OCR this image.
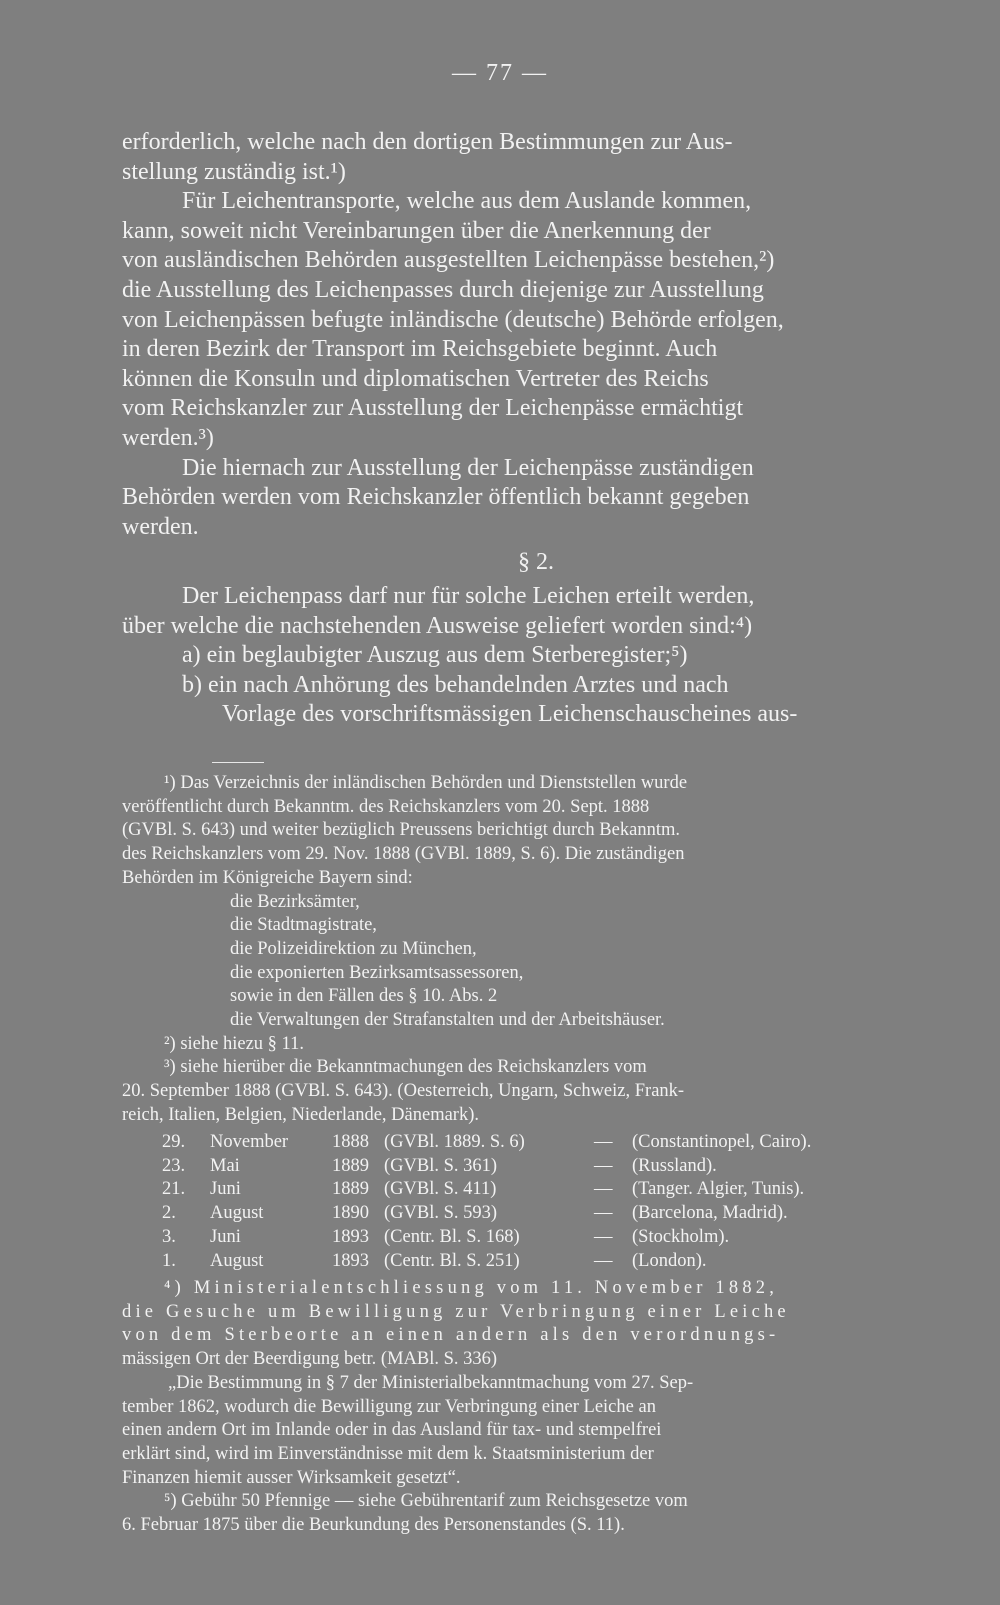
— 77 —
erforderlich, welche nach den dortigen Bestimmungen zur Aus-
stellung zuständig ist.¹)
Für Leichentransporte, welche aus dem Auslande kommen,
kann, soweit nicht Vereinbarungen über die Anerkennung der
von ausländischen Behörden ausgestellten Leichenpässe bestehen,²)
die Ausstellung des Leichenpasses durch diejenige zur Ausstellung
von Leichenpässen befugte inländische (deutsche) Behörde erfolgen,
in deren Bezirk der Transport im Reichsgebiete beginnt. Auch
können die Konsuln und diplomatischen Vertreter des Reichs
vom Reichskanzler zur Ausstellung der Leichenpässe ermächtigt
werden.³)
Die hiernach zur Ausstellung der Leichenpässe zuständigen
Behörden werden vom Reichskanzler öffentlich bekannt gegeben
werden.
§ 2.
Der Leichenpass darf nur für solche Leichen erteilt werden,
über welche die nachstehenden Ausweise geliefert worden sind:⁴)
a) ein beglaubigter Auszug aus dem Sterberegister;⁵)
b) ein nach Anhörung des behandelnden Arztes und nach
Vorlage des vorschriftsmässigen Leichenschauscheines aus-
¹) Das Verzeichnis der inländischen Behörden und Dienststellen wurde
veröffentlicht durch Bekanntm. des Reichskanzlers vom 20. Sept. 1888
(GVBl. S. 643) und weiter bezüglich Preussens berichtigt durch Bekanntm.
des Reichskanzlers vom 29. Nov. 1888 (GVBl. 1889, S. 6). Die zuständigen
Behörden im Königreiche Bayern sind:
die Bezirksämter,
die Stadtmagistrate,
die Polizeidirektion zu München,
die exponierten Bezirksamtsassessoren,
sowie in den Fällen des § 10. Abs. 2
die Verwaltungen der Strafanstalten und der Arbeitshäuser.
²) siehe hiezu § 11.
³) siehe hierüber die Bekanntmachungen des Reichskanzlers vom
20. September 1888 (GVBl. S. 643). (Oesterreich, Ungarn, Schweiz, Frank-
reich, Italien, Belgien, Niederlande, Dänemark).
29. November 1888 (GVBl. 1889. S. 6)	— (Constantinopel, Cairo).
23. Mai	1889 (GVBl. S. 361)	— (Russland).
21. Juni	1889 (GVBl. S. 411)	— (Tanger. Algier, Tunis).
2. August	1890 (GVBl. S. 593)	— (Barcelona, Madrid).
3. Juni	1893 (Centr. Bl. S. 168)	— (Stockholm).
1. August	1893 (Centr. Bl. S. 251)	— (London).
⁴) Ministerialentschliessung vom 11. November 1882,
die Gesuche um Bewilligung zur Verbringung einer Leiche
von dem Sterbeorte an einen andern als den verordnungs-
mässigen Ort der Beerdigung betr. (MABl. S. 336)
„Die Bestimmung in § 7 der Ministerialbekanntmachung vom 27. Sep-
tember 1862, wodurch die Bewilligung zur Verbringung einer Leiche an
einen andern Ort im Inlande oder in das Ausland für tax- und stempelfrei
erklärt sind, wird im Einverständnisse mit dem k. Staatsministerium der
Finanzen hiemit ausser Wirksamkeit gesetzt“.
⁵) Gebühr 50 Pfennige — siehe Gebührentarif zum Reichsgesetze vom
6. Februar 1875 über die Beurkundung des Personenstandes (S. 11).
